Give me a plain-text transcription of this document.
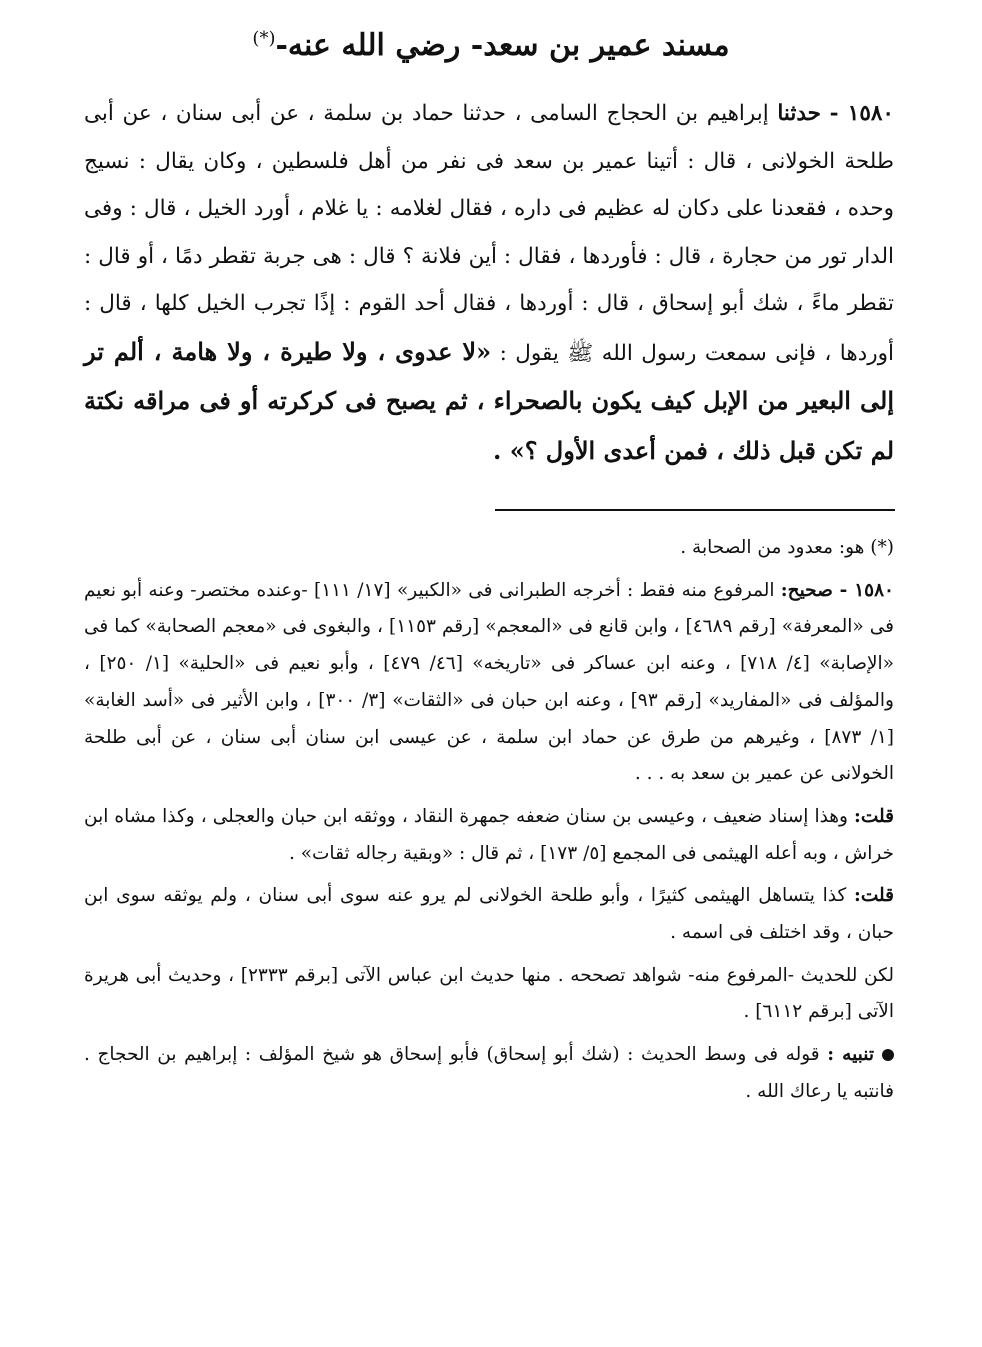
مسند عمير بن سعد- رضي الله عنه-(*)
١٥٨٠ - حدثنا إبراهيم بن الحجاج السامى ، حدثنا حماد بن سلمة ، عن أبى سنان ، عن أبى طلحة الخولانى ، قال : أتينا عمير بن سعد فى نفر من أهل فلسطين ، وكان يقال : نسيج وحده ، فقعدنا على دكان له عظيم فى داره ، فقال لغلامه : يا غلام ، أورد الخيل ، قال : وفى الدار تور من حجارة ، قال : فأوردها ، فقال : أين فلانة ؟ قال : هى جربة تقطر دمًا ، أو قال : تقطر ماءً ، شك أبو إسحاق ، قال : أوردها ، فقال أحد القوم : إذًا تجرب الخيل كلها ، قال : أوردها ، فإنى سمعت رسول الله ﷺ يقول : «لا عدوى ، ولا طيرة ، ولا هامة ، ألم تر إلى البعير من الإبل كيف يكون بالصحراء ، ثم يصبح فى كركرته أو فى مراقه نكتة لم تكن قبل ذلك ، فمن أعدى الأول ؟» .

(*) هو: معدود من الصحابة .

١٥٨٠ - صحيح: المرفوع منه فقط : أخرجه الطبرانى فى «الكبير» [١٧/ ١١١] -وعنده مختصر- وعنه أبو نعيم فى «المعرفة» [رقم ٤٦٨٩] ، وابن قانع فى «المعجم» [رقم ١١٥٣] ، والبغوى فى «معجم الصحابة» كما فى «الإصابة» [٤/ ٧١٨] ، وعنه ابن عساكر فى «تاريخه» [٤٦/ ٤٧٩] ، وأبو نعيم فى «الحلية» [١/ ٢٥٠] ، والمؤلف فى «المفاريد» [رقم ٩٣] ، وعنه ابن حبان فى «الثقات» [٣/ ٣٠٠] ، وابن الأثير فى «أسد الغابة» [١/ ٨٧٣] ، وغيرهم من طرق عن حماد ابن سلمة ، عن عيسى ابن سنان أبى سنان ، عن أبى طلحة الخولانى عن عمير بن سعد به . . .

قلت: وهذا إسناد ضعيف ، وعيسى بن سنان ضعفه جمهرة النقاد ، ووثقه ابن حبان والعجلى ، وكذا مشاه ابن خراش ، وبه أعله الهيثمى فى المجمع [٥/ ١٧٣] ، ثم قال : «وبقية رجاله ثقات» .

قلت: كذا يتساهل الهيثمى كثيرًا ، وأبو طلحة الخولانى لم يرو عنه سوى أبى سنان ، ولم يوثقه سوى ابن حبان ، وقد اختلف فى اسمه .

لكن للحديث -المرفوع منه- شواهد تصححه . منها حديث ابن عباس الآتى [برقم ٢٣٣٣] ، وحديث أبى هريرة الآتى [برقم ٦١١٢] .

تنبيه : قوله فى وسط الحديث : (شك أبو إسحاق) فأبو إسحاق هو شيخ المؤلف : إبراهيم بن الحجاج . فانتبه يا رعاك الله .
